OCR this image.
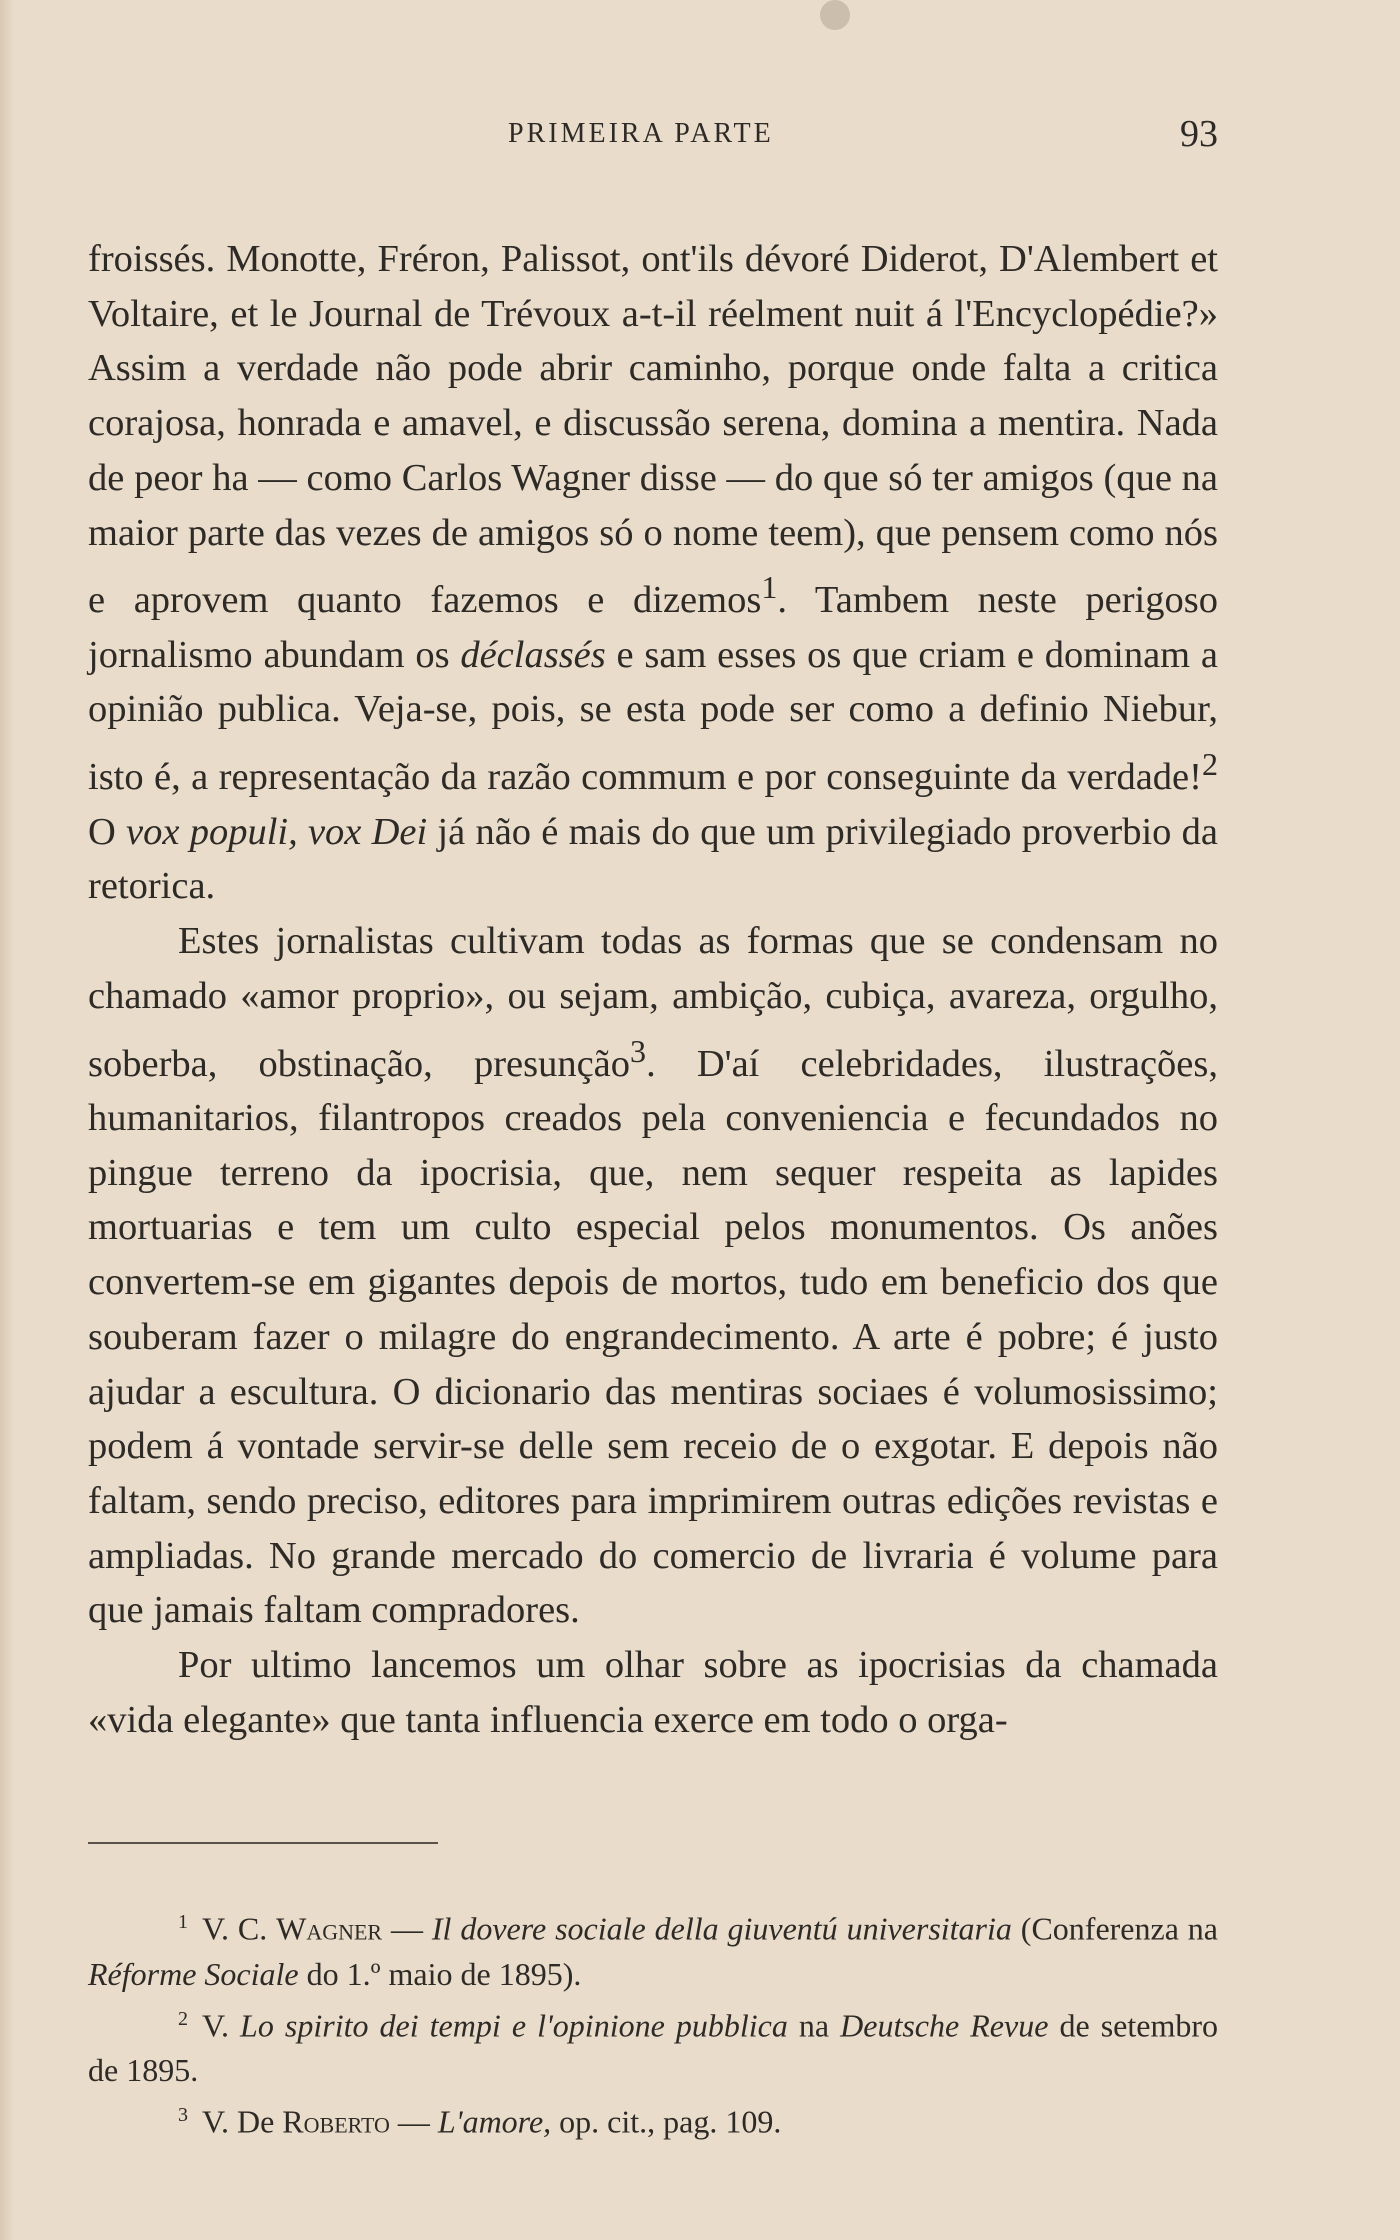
PRIMEIRA PARTE	93

froissés. Monotte, Fréron, Palissot, ont'ils dévoré Diderot, D'Alembert et Voltaire, et le Journal de Trévoux a-t-il réelment nuit á l'Encyclopédie?» Assim a verdade não pode abrir caminho, porque onde falta a critica corajosa, honrada e amavel, e discussão serena, domina a mentira. Nada de peor ha — como Carlos Wagner disse — do que só ter amigos (que na maior parte das vezes de amigos só o nome teem), que pensem como nós e aprovem quanto fazemos e dizemos$^1$. Tambem neste perigoso jornalismo abundam os déclassés e sam esses os que criam e dominam a opinião publica. Veja-se, pois, se esta pode ser como a definio Niebur, isto é, a representação da razão commum e por conseguinte da verdade!$^2$ O vox populi, vox Dei já não é mais do que um privilegiado proverbio da retorica.

Estes jornalistas cultivam todas as formas que se condensam no chamado «amor proprio», ou sejam, ambição, cubiça, avareza, orgulho, soberba, obstinação, presunção$^3$. D'aí celebridades, ilustrações, humanitarios, filantropos creados pela conveniencia e fecundados no pingue terreno da ipocrisia, que, nem sequer respeita as lapides mortuarias e tem um culto especial pelos monumentos. Os anões convertem-se em gigantes depois de mortos, tudo em beneficio dos que souberam fazer o milagre do engrandecimento. A arte é pobre; é justo ajudar a escultura. O dicionario das mentiras sociaes é volumosissimo; podem á vontade servir-se delle sem receio de o exgotar. E depois não faltam, sendo preciso, editores para imprimirem outras edições revistas e ampliadas. No grande mercado do comercio de livraria é volume para que jamais faltam compradores.

Por ultimo lancemos um olhar sobre as ipocrisias da chamada «vida elegante» que tanta influencia exerce em todo o orga-

$^1$ V. C. Wagner — Il dovere sociale della giuventú universitaria (Conferenza na Réforme Sociale do 1.º maio de 1895).

$^2$ V. Lo spirito dei tempi e l'opinione pubblica na Deutsche Revue de setembro de 1895.

$^3$ V. De Roberto — L'amore, op. cit., pag. 109.
